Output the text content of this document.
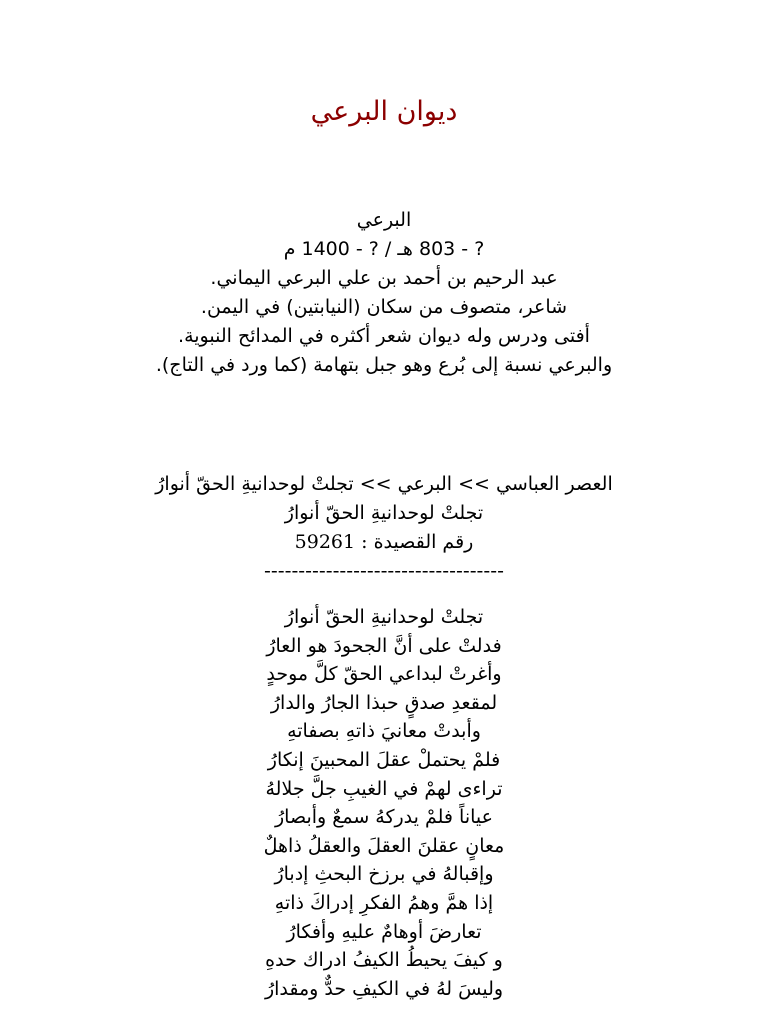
ديوان البرعي
البرعي
? - 803 هـ / ? - 1400 م
عبد الرحيم بن أحمد بن علي البرعي اليماني.
شاعر، متصوف من سكان (النيابتين) في اليمن.
أفتى ودرس وله ديوان شعر أكثره في المدائح النبوية.
والبرعي نسبة إلى بُرع وهو جبل بتهامة (كما ورد في التاج).
العصر العباسي >> البرعي >> تجلتْ لوحدانيةِ الحقّ أنوارُ
تجلتْ لوحدانيةِ الحقّ أنوارُ
رقم القصيدة : 59261
-----------------------------------
تجلتْ لوحدانيةِ الحقّ أنوارُ
فدلتْ على أنَّ الجحودَ هو العارُ
وأغرتْ لبداعي الحقّ كلَّ موحدٍ
لمقعدِ صدقٍ حبذا الجارُ والدارُ
وأبدتْ معانيَ ذاتهِ بصفاتهِ
فلمْ يحتملْ عقلَ المحبينَ إنكارُ
تراءى لهمْ في الغيبِ جلَّ جلالهُ
عياناً فلمْ يدركهُ سمعٌ وأبصارُ
معانٍ عقلنَ العقلَ والعقلُ ذاهلٌ
وإقبالهُ في برزخ البحثِ إدبارُ
إذا همَّ وهمُ الفكرِ إدراكَ ذاتهِ
تعارضَ أوهامٌ عليهِ وأفكارُ
و كيفَ يحيطُ الكيفُ ادراك حدهِ
وليسَ لهُ في الكيفِ حدٌّ ومقدارُ
